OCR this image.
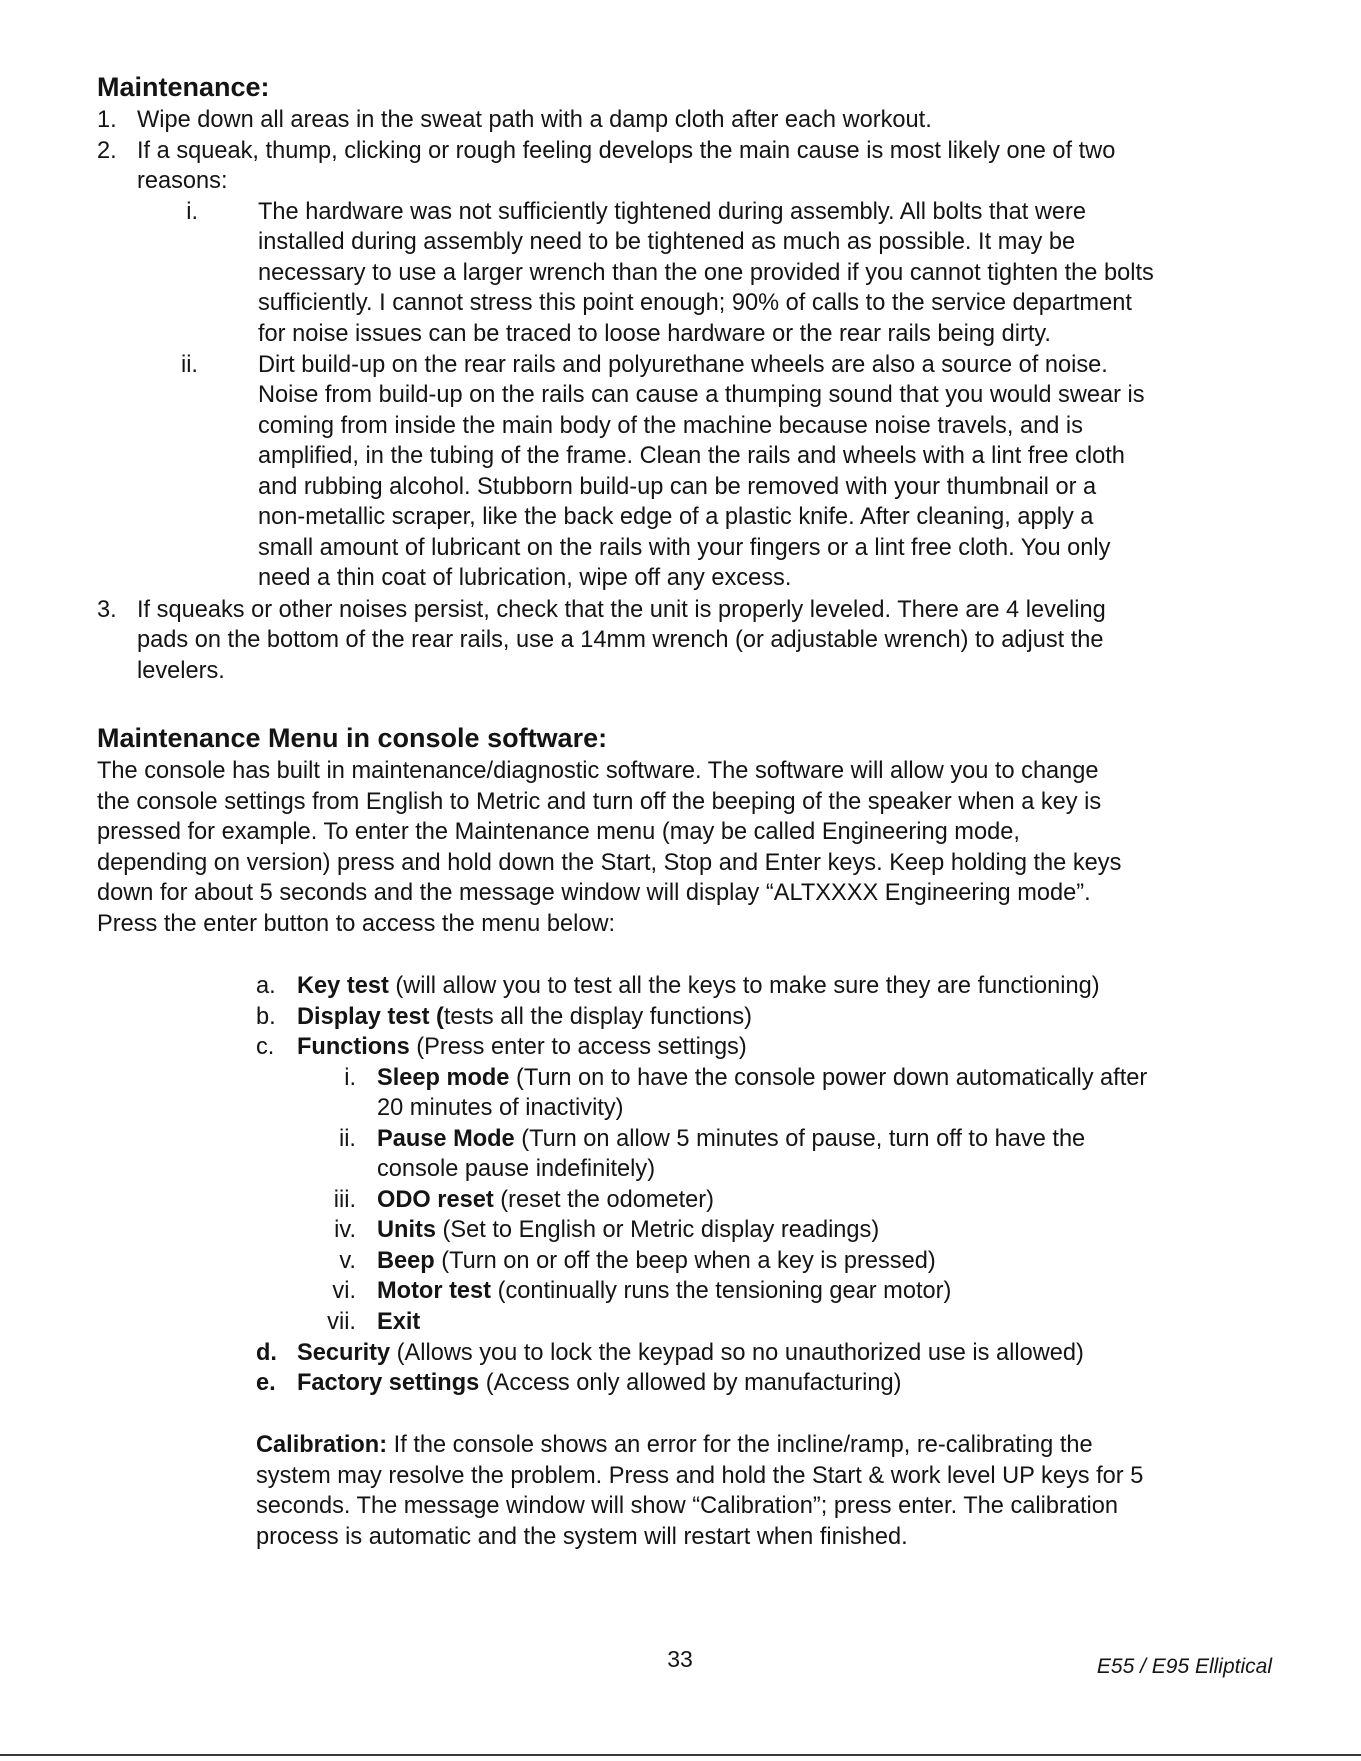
Maintenance:
1. Wipe down all areas in the sweat path with a damp cloth after each workout.

2. If a squeak, thump, clicking or rough feeling develops the main cause is most likely one of two

reasons:

i.	The hardware was not sufficiently tightened during assembly. All bolts that were

installed during assembly need to be tightened as much as possible. It may be

necessary to use a larger wrench than the one provided if you cannot tighten the bolts

sufficiently. I cannot stress this point enough; 90% of calls to the service department

for noise issues can be traced to loose hardware or the rear rails being dirty.

ii.	Dirt build-up on the rear rails and polyurethane wheels are also a source of noise.

Noise from build-up on the rails can cause a thumping sound that you would swear is

coming from inside the main body of the machine because noise travels, and is

amplified, in the tubing of the frame. Clean the rails and wheels with a lint free cloth

and rubbing alcohol. Stubborn build-up can be removed with your thumbnail or a

non-metallic scraper, like the back edge of a plastic knife. After cleaning, apply a

small amount of lubricant on the rails with your fingers or a lint free cloth. You only

need a thin coat of lubrication, wipe off any excess.

3. If squeaks or other noises persist, check that the unit is properly leveled. There are 4 leveling

pads on the bottom of the rear rails, use a 14mm wrench (or adjustable wrench) to adjust the

levelers.

Maintenance Menu in console software:

The console has built in maintenance/diagnostic software. The software will allow you to change

the console settings from English to Metric and turn off the beeping of the speaker when a key is

pressed for example. To enter the Maintenance menu (may be called Engineering mode,

depending on version) press and hold down the Start, Stop and Enter keys. Keep holding the keys

down for about 5 seconds and the message window will display “ALTXXXX Engineering mode”.

Press the enter button to access the menu below:

a. Key test (will allow you to test all the keys to make sure they are functioning)

b. Display test (tests all the display functions)

c. Functions (Press enter to access settings)

i. Sleep mode (Turn on to have the console power down automatically after

20 minutes of inactivity)

ii. Pause Mode (Turn on allow 5 minutes of pause, turn off to have the

console pause indefinitely)

iii. ODO reset (reset the odometer)

iv. Units (Set to English or Metric display readings)

v. Beep (Turn on or off the beep when a key is pressed)

vi. Motor test (continually runs the tensioning gear motor)

vii. Exit

d. Security (Allows you to lock the keypad so no unauthorized use is allowed)

e. Factory settings (Access only allowed by manufacturing)

Calibration: If the console shows an error for the incline/ramp, re-calibrating the

system may resolve the problem. Press and hold the Start & work level UP keys for 5

seconds. The message window will show “Calibration”; press enter. The calibration

process is automatic and the system will restart when finished.

33	E55 / E95 Elliptical
